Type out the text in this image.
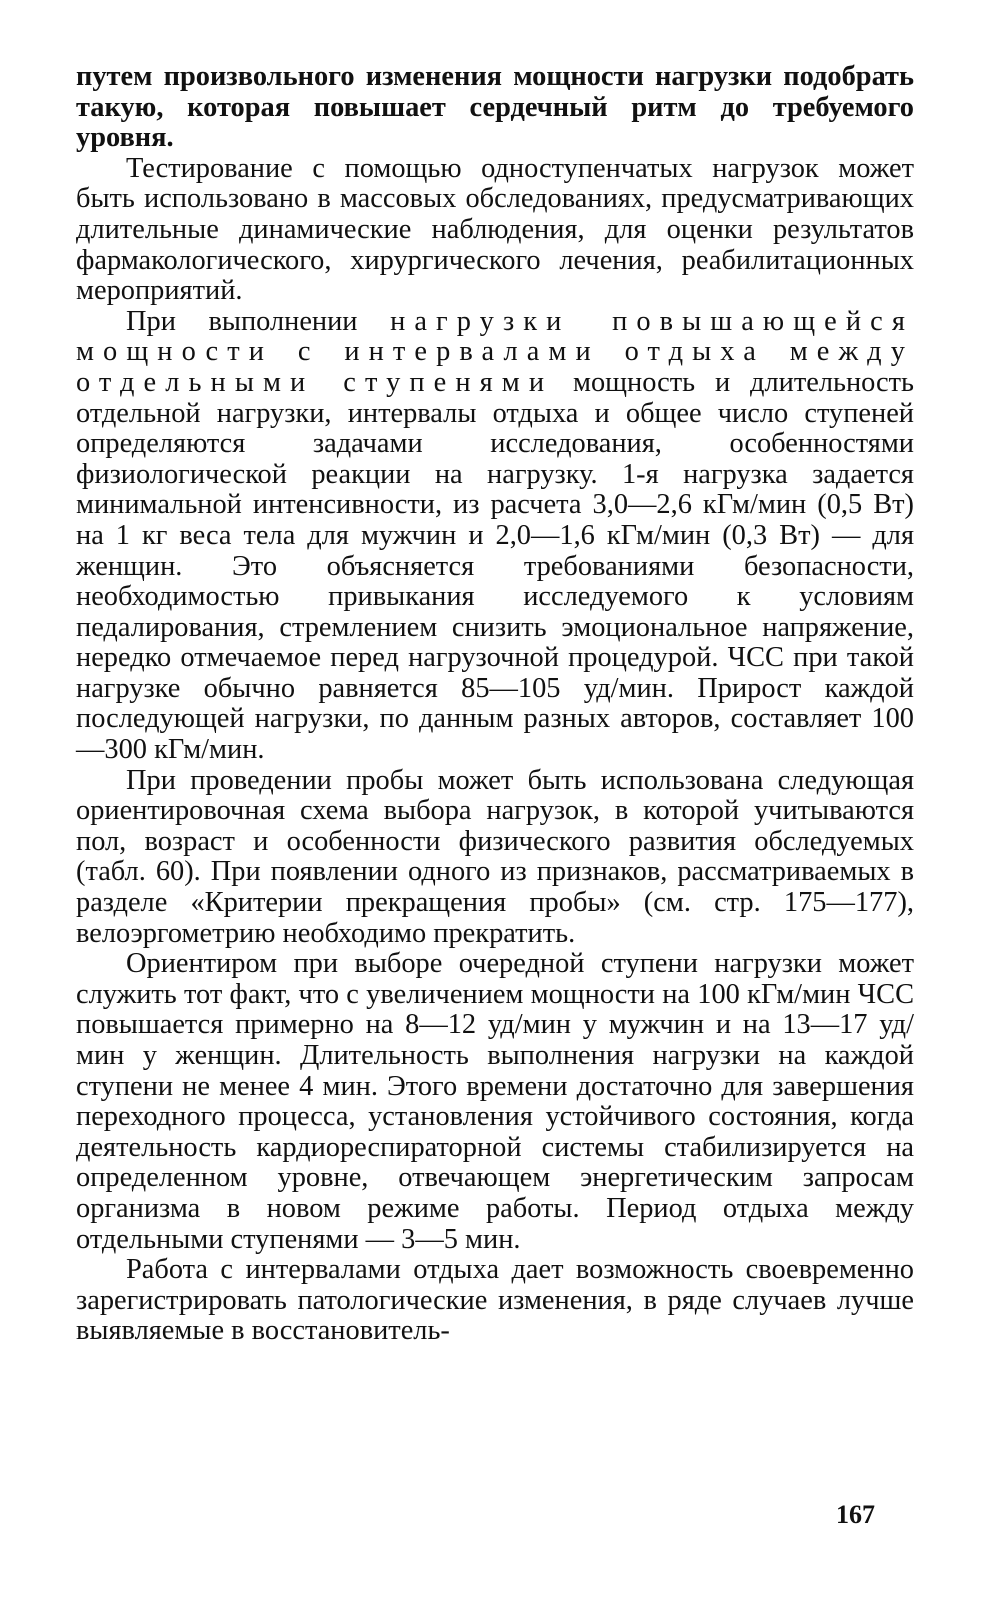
путем произвольного изменения мощности нагрузки подобрать такую, которая повышает сердечный ритм до требуемого уровня.

Тестирование с помощью одноступенчатых нагрузок может быть использовано в массовых обследованиях, предусматривающих длительные динамические наблюдения, для оценки результатов фармакологического, хирургического лечения, реабилитационных мероприятий.

При выполнении нагрузки повышающейся мощности с интервалами отдыха между отдельными ступенями мощность и длительность отдельной нагрузки, интервалы отдыха и общее число ступеней определяются задачами исследования, особенностями физиологической реакции на нагрузку. 1-я нагрузка задается минимальной интенсивности, из расчета 3,0—2,6 кГм/мин (0,5 Вт) на 1 кг веса тела для мужчин и 2,0—1,6 кГм/мин (0,3 Вт) — для женщин. Это объясняется требованиями безопасности, необходимостью привыкания исследуемого к условиям педалирования, стремлением снизить эмоциональное напряжение, нередко отмечаемое перед нагрузочной процедурой. ЧСС при такой нагрузке обычно равняется 85—105 уд/мин. Прирост каждой последующей нагрузки, по данным разных авторов, составляет 100—300 кГм/мин.

При проведении пробы может быть использована следующая ориентировочная схема выбора нагрузок, в которой учитываются пол, возраст и особенности физического развития обследуемых (табл. 60). При появлении одного из признаков, рассматриваемых в разделе «Критерии прекращения пробы» (см. стр. 175—177), велоэргометрию необходимо прекратить.

Ориентиром при выборе очередной ступени нагрузки может служить тот факт, что с увеличением мощности на 100 кГм/мин ЧСС повышается примерно на 8—12 уд/мин у мужчин и на 13—17 уд/мин у женщин. Длительность выполнения нагрузки на каждой ступени не менее 4 мин. Этого времени достаточно для завершения переходного процесса, установления устойчивого состояния, когда деятельность кардиореспираторной системы стабилизируется на определенном уровне, отвечающем энергетическим запросам организма в новом режиме работы. Период отдыха между отдельными ступенями — 3—5 мин.

Работа с интервалами отдыха дает возможность своевременно зарегистрировать патологические изменения, в ряде случаев лучше выявляемые в восстановитель-

167
